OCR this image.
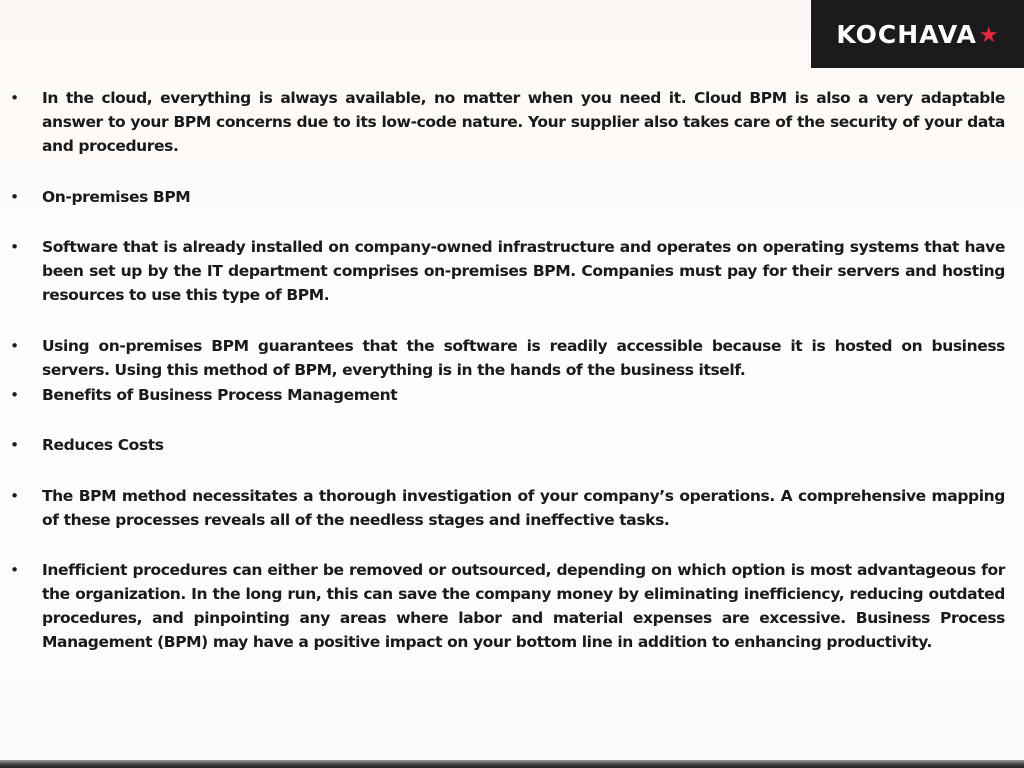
KOCHAVA ★
• In the cloud, everything is always available, no matter when you need it. Cloud BPM is also a very adaptable answer to your BPM concerns due to its low-code nature. Your supplier also takes care of the security of your data and procedures.
• On-premises BPM
• Software that is already installed on company-owned infrastructure and operates on operating systems that have been set up by the IT department comprises on-premises BPM. Companies must pay for their servers and hosting resources to use this type of BPM.
• Using on-premises BPM guarantees that the software is readily accessible because it is hosted on business servers. Using this method of BPM, everything is in the hands of the business itself.
• Benefits of Business Process Management
• Reduces Costs
• The BPM method necessitates a thorough investigation of your company’s operations. A comprehensive mapping of these processes reveals all of the needless stages and ineffective tasks.
• Inefficient procedures can either be removed or outsourced, depending on which option is most advantageous for the organization. In the long run, this can save the company money by eliminating inefficiency, reducing outdated procedures, and pinpointing any areas where labor and material expenses are excessive. Business Process Management (BPM) may have a positive impact on your bottom line in addition to enhancing productivity.
